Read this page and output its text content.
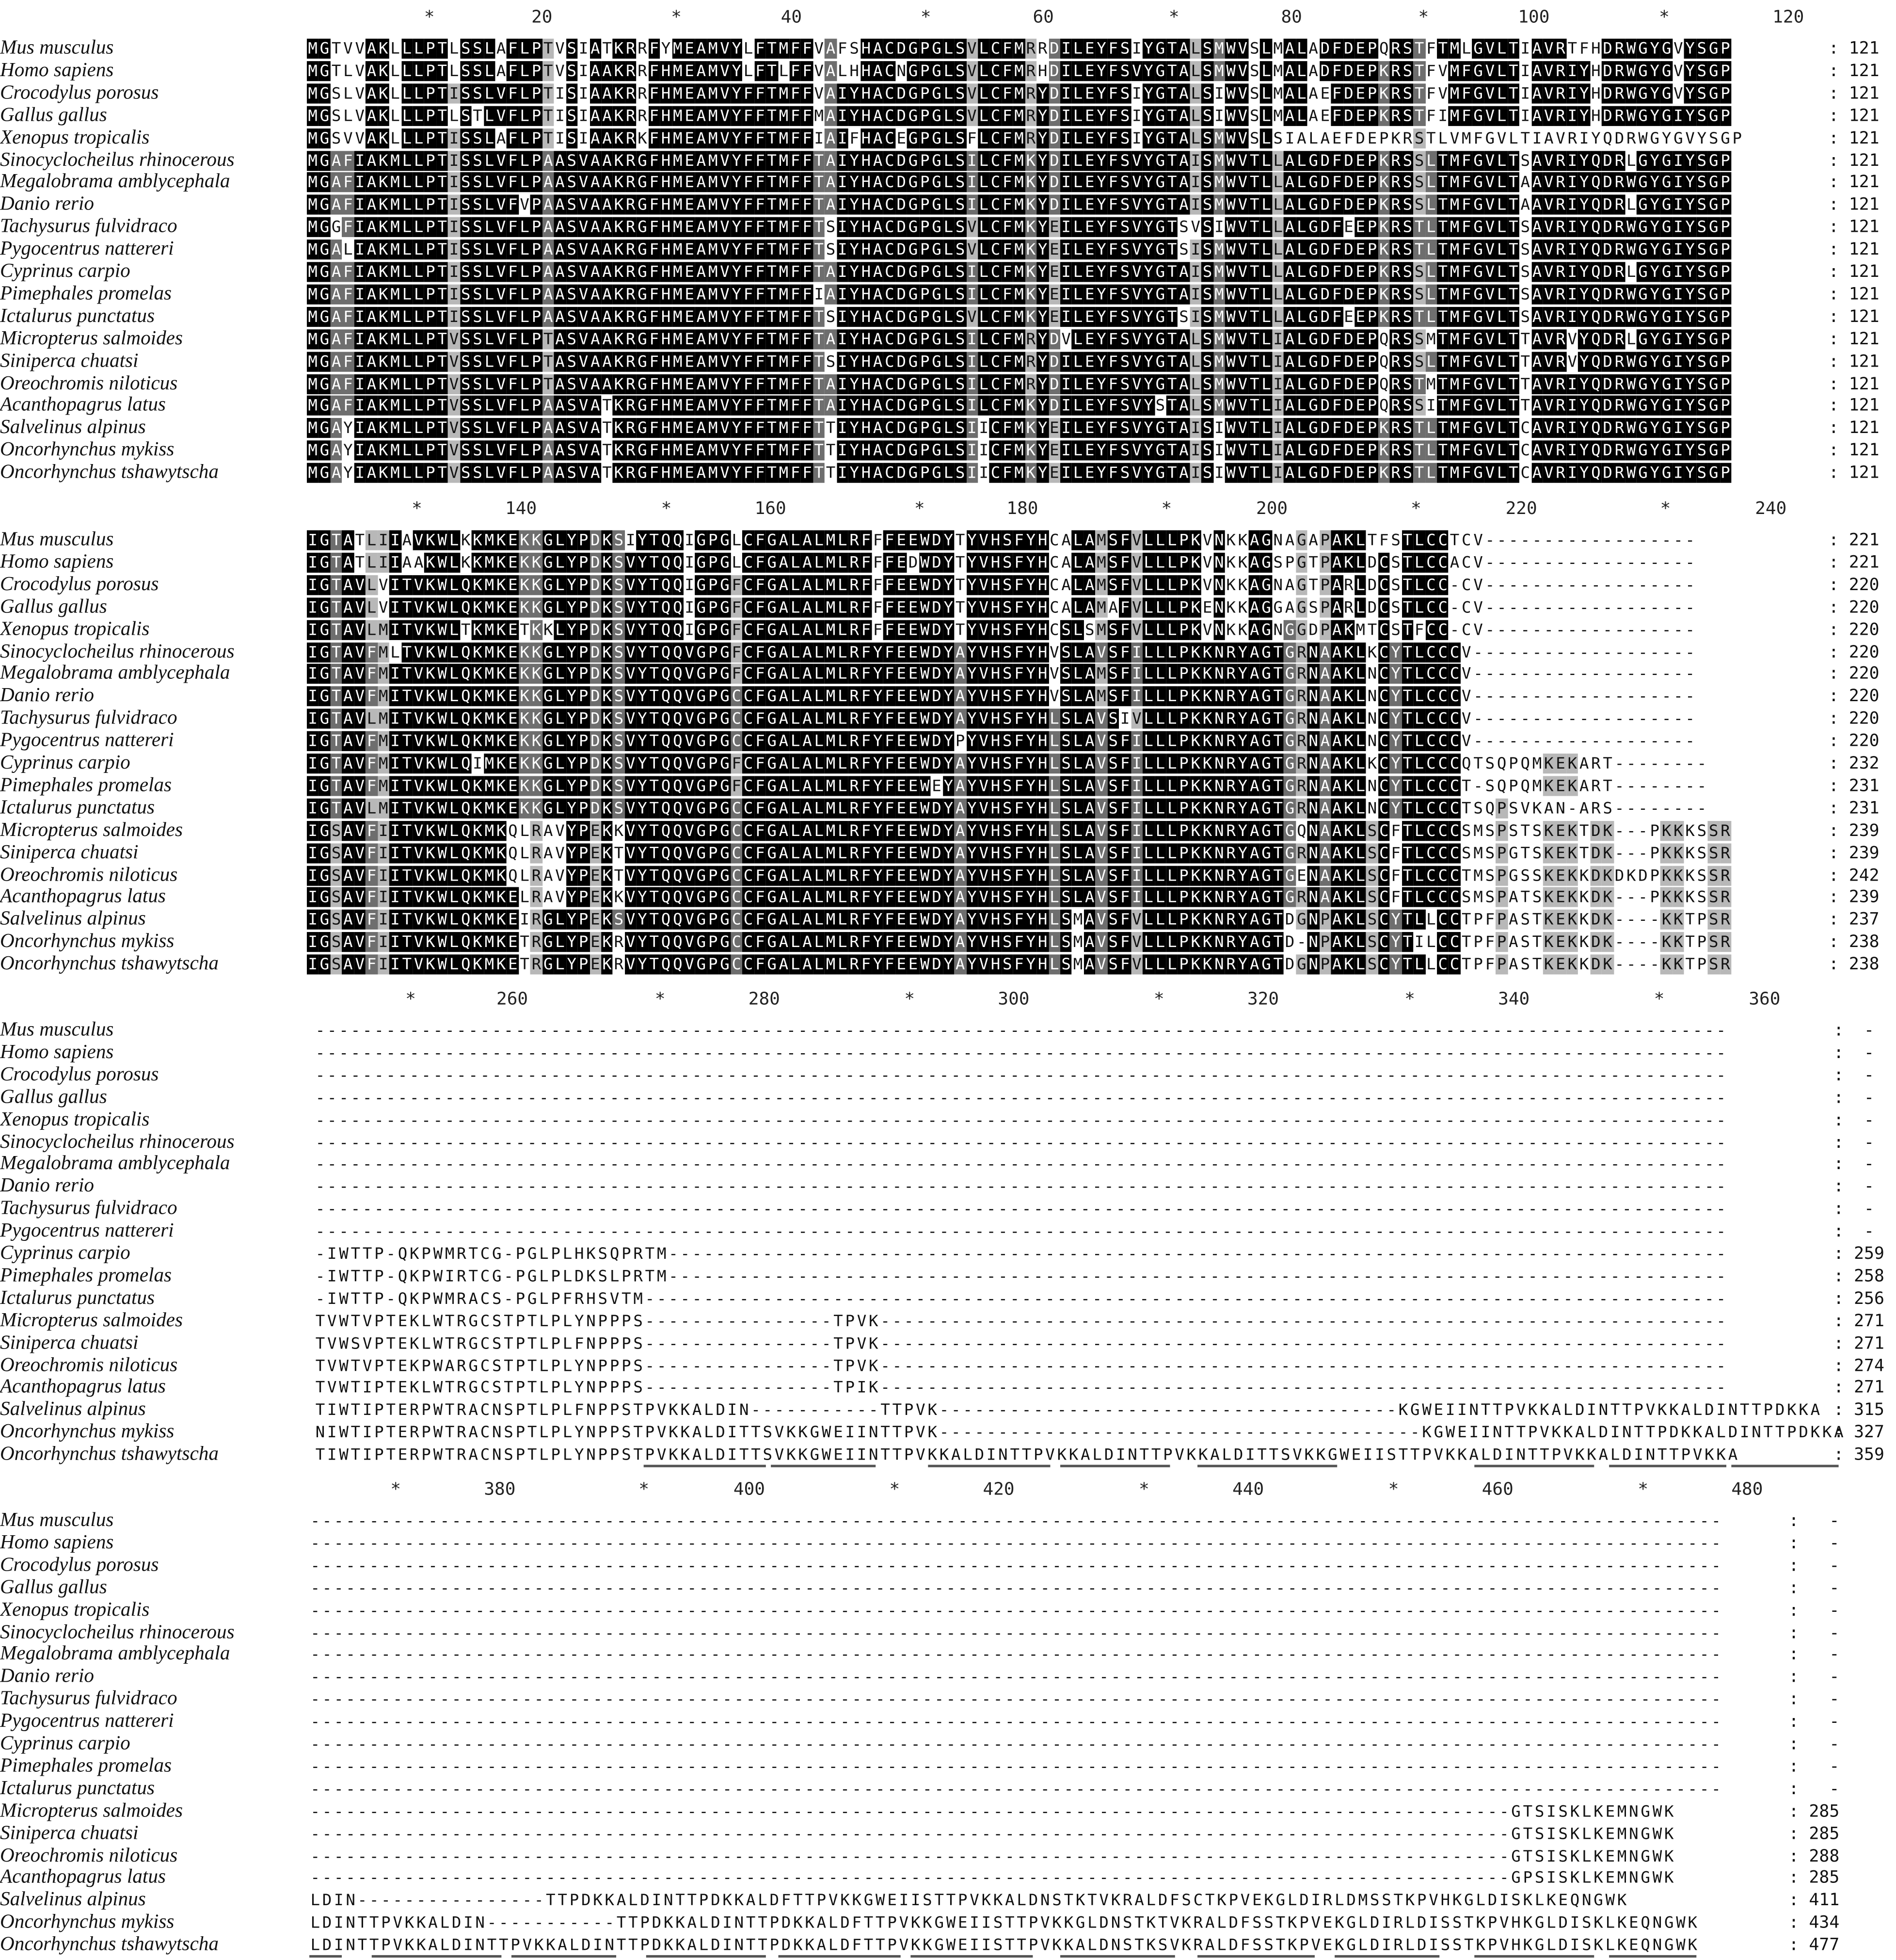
*	20	*	40	*	60	*	80	*	100	*	120
Mus musculus	M G T V V A K L L L P T L S S L A F L P T V S I A T K R R F Y M E A M V Y L F T M F F V A F S H A C D G P G L S V L C F M R R D I L E Y F S I Y G T A L S M W V S L M A L A D F D E P Q R S T F T M L G V L T I A V R T F H D R W G Y G V Y S G P	: 121
Homo sapiens	M G T L V A K L L L P T L S S L A F L P T V S I A A K R R F H M E A M V Y L F T L F F V A L H H A C N G P G L S V L C F M R H D I L E Y F S V Y G T A L S M W V S L M A L A D F D E P K R S T F V M F G V L T I A V R I Y H D R W G Y G V Y S G P	: 121
Crocodylus porosus	M G S L V A K L L L P T I S S L V F L P T I S I A A K R R F H M E A M V Y F F T M F F V A I Y H A C D G P G L S V L C F M R Y D I L E Y F S I Y G T A L S I W V S L M A L A E F D E P K R S T F V M F G V L T I A V R I Y H D R W G Y G V Y S G P	: 121
Gallus gallus	M G S L V A K L L L P T L S T L V F L P T I S I A A K R R F H M E A M V Y F F T M F F M A I Y H A C D G P G L S V L C F M R Y D I L E Y F S I Y G T A L S I W V S L M A L A E F D E P K R S T F I M F G V L T I A V R I Y H D R W G Y G I Y S G P	: 121
Xenopus tropicalis	M G S V V A K L L L P T I S S L A F L P T I S I A A K R K F H M E A M V Y F F T M F F I A I F H A C E G P G L S F L C F M R Y D I L E Y F S I Y G T A L S M W V S L S I A L A E F D E P K R S T L V M F G V L T I A V R I Y Q D R W G Y G V Y S G P	: 121
Sinocyclocheilus rhinocerous	M G A F I A K M L L P T I S S L V F L P A A S V A A K R G F H M E A M V Y F F T M F F T A I Y H A C D G P G L S I L C F M K Y D I L E Y F S V Y G T A I S M W V T L L A L G D F D E P K R S S L T M F G V L T S A V R I Y Q D R L G Y G I Y S G P	: 121
Megalobrama amblycephala	M G A F I A K M L L P T I S S L V F L P A A S V A A K R G F H M E A M V Y F F T M F F T A I Y H A C D G P G L S I L C F M K Y D I L E Y F S V Y G T A I S M W V T L L A L G D F D E P K R S S L T M F G V L T A A V R I Y Q D R W G Y G I Y S G P	: 121
Danio rerio	M G A F I A K M L L P T I S S L V F V P A A S V A A K R G F H M E A M V Y F F T M F F T A I Y H A C D G P G L S I L C F M K Y D I L E Y F S V Y G T A I S M W V T L L A L G D F D E P K R S S L T M F G V L T A A V R I Y Q D R L G Y G I Y S G P	: 121
Tachysurus fulvidraco	M G G F I A K M L L P T I S S L V F L P A A S V A A K R G F H M E A M V Y F F T M F F T S I Y H A C D G P G L S V L C F M K Y E I L E Y F S V Y G T S V S I W V T L L A L G D F E E P K R S T L T M F G V L T S A V R I Y Q D R W G Y G I Y S G P	: 121
Pygocentrus nattereri	M G A L I A K M L L P T I S S L V F L P A A S V A A K R G F H M E A M V Y F F T M F F T S I Y H A C D G P G L S V L C F M K Y E I L E Y F S V Y G T S I S M W V T L L A L G D F D E P K R S T L T M F G V L T S A V R I Y Q D R W G Y G I Y S G P	: 121
Cyprinus carpio	M G A F I A K M L L P T I S S L V F L P A A S V A A K R G F H M E A M V Y F F T M F F T A I Y H A C D G P G L S I L C F M K Y E I L E Y F S V Y G T A I S M W V T L L A L G D F D E P K R S S L T M F G V L T S A V R I Y Q D R L G Y G I Y S G P	: 121
Pimephales promelas	M G A F I A K M L L P T I S S L V F L P A A S V A A K R G F H M E A M V Y F F T M F F I A I Y H A C D G P G L S I L C F M K Y E I L E Y F S V Y G T A I S M W V T L L A L G D F D E P K R S S L T M F G V L T S A V R I Y Q D R W G Y G I Y S G P	: 121
Ictalurus punctatus	M G A F I A K M L L P T I S S L V F L P A A S V A A K R G F H M E A M V Y F F T M F F T S I Y H A C D G P G L S V L C F M K Y E I L E Y F S V Y G T S I S M W V T L L A L G D F E E P K R S T L T M F G V L T S A V R I Y Q D R W G Y G I Y S G P	: 121
Micropterus salmoides	M G A F I A K M L L P T V S S L V F L P T A S V A A K R G F H M E A M V Y F F T M F F T A I Y H A C D G P G L S I L C F M R Y D V L E Y F S V Y G T A L S M W V T L I A L G D F D E P Q R S S M T M F G V L T T A V R V Y Q D R L G Y G I Y S G P	: 121
Siniperca chuatsi	M G A F I A K M L L P T V S S L V F L P T A S V A A K R G F H M E A M V Y F F T M F F T S I Y H A C D G P G L S I L C F M R Y D I L E Y F S V Y G T A L S M W V T L I A L G D F D E P Q R S S L T M F G V L T T A V R V Y Q D R W G Y G I Y S G P	: 121
Oreochromis niloticus	M G A F I A K M L L P T V S S L V F L P T A S V A A K R G F H M E A M V Y F F T M F F T A I Y H A C D G P G L S I L C F M R Y D I L E Y F S V Y G T A L S M W V T L I A L G D F D E P Q R S T M T M F G V L T T A V R I Y Q D R W G Y G I Y S G P	: 121
Acanthopagrus latus	M G A F I A K M L L P T V S S L V F L P A A S V A T K R G F H M E A M V Y F F T M F F T A I Y H A C D G P G L S I L C F M K Y D I L E Y F S V Y S T A L S M W V T L I A L G D F D E P Q R S S I T M F G V L T T A V R I Y Q D R W G Y G I Y S G P	: 121
Salvelinus alpinus	M G A Y I A K M L L P T V S S L V F L P A A S V A T K R G F H M E A M V Y F F T M F F T T I Y H A C D G P G L S I I C F M K Y E I L E Y F S V Y G T A I S I W V T L I A L G D F D E P K R S T L T M F G V L T C A V R I Y Q D R W G Y G I Y S G P	: 121
Oncorhynchus mykiss	M G A Y I A K M L L P T V S S L V F L P A A S V A T K R G F H M E A M V Y F F T M F F T T I Y H A C D G P G L S I I C F M K Y E I L E Y F S V Y G T A I S I W V T L I A L G D F D E P K R S T L T M F G V L T C A V R I Y Q D R W G Y G I Y S G P	: 121
Oncorhynchus tshawytscha	M G A Y I A K M L L P T V S S L V F L P A A S V A T K R G F H M E A M V Y F F T M F F T T I Y H A C D G P G L S I I C F M K Y E I L E Y F S V Y G T A I S I W V T L I A L G D F D E P K R S T L T M F G V L T C A V R I Y Q D R W G Y G I Y S G P	: 121
*	140	*	160	*	180	*	200	*	220	*	240
Mus musculus	I G T A T L I I A V K W L K K M K E K K G L Y P D K S I Y T Q Q I G P G L C F G A L A L M L R F F F E E W D Y T Y V H S F Y H C A L A M S F V L L L P K V N K K A G N A G A P A K L T F S T L C C T C V - - - - - - - - - - - - - - - - - -	: 221
Homo sapiens	I G T A T L I I A A K W L K K M K E K K G L Y P D K S V Y T Q Q I G P G L C F G A L A L M L R F F F E D W D Y T Y V H S F Y H C A L A M S F V L L L P K V N K K A G S P G T P A K L D C S T L C C A C V - - - - - - - - - - - - - - - - - -	: 221
Crocodylus porosus	I G T A V L V I T V K W L Q K M K E K K G L Y P D K S V Y T Q Q I G P G F C F G A L A L M L R F F F E E W D Y T Y V H S F Y H C A L A M S F V L L L P K V N K K A G N A G T P A R L D C S T L C C - C V - - - - - - - - - - - - - - - - - -	: 220
Gallus gallus	I G T A V L V I T V K W L Q K M K E K K G L Y P D K S V Y T Q Q I G P G F C F G A L A L M L R F F F E E W D Y T Y V H S F Y H C A L A M A F V L L L P K E N K K A G G A G S P A R L D C S T L C C - C V - - - - - - - - - - - - - - - - - -	: 220
Xenopus tropicalis	I G T A V L M I T V K W L T K M K E T K K L Y P D K S V Y T Q Q I G P G F C F G A L A L M L R F F F E E W D Y T Y V H S F Y H C S L S M S F V L L L P K V N K K A G N G G D P A K M T C S T F C C - C V - - - - - - - - - - - - - - - - - -	: 220
Sinocyclocheilus rhinocerous	I G T A V F M L T V K W L Q K M K E K K G L Y P D K S V Y T Q Q V G P G F C F G A L A L M L R F Y F E E W D Y A Y V H S F Y H V S L A V S F I L L L P K K N R Y A G T G R N A A K L K C Y T L C C C V - - - - - - - - - - - - - - - - - - -	: 220
Megalobrama amblycephala	I G T A V F M I T V K W L Q K M K E K K G L Y P D K S V Y T Q Q V G P G F C F G A L A L M L R F Y F E E W D Y A Y V H S F Y H V S L A M S F I L L L P K K N R Y A G T G R N A A K L N C Y T L C C C V - - - - - - - - - - - - - - - - - - -	: 220
Danio rerio	I G T A V F M I T V K W L Q K M K E K K G L Y P D K S V Y T Q Q V G P G C C F G A L A L M L R F Y F E E W D Y A Y V H S F Y H V S L A M S F I L L L P K K N R Y A G T G R N A A K L N C Y T L C C C V - - - - - - - - - - - - - - - - - - -	: 220
Tachysurus fulvidraco	I G T A V L M I T V K W L Q K M K E K K G L Y P D K S V Y T Q Q V G P G C C F G A L A L M L R F Y F E E W D Y A Y V H S F Y H L S L A V S I V L L L P K K N R Y A G T G R N A A K L N C Y T L C C C V - - - - - - - - - - - - - - - - - - -	: 220
Pygocentrus nattereri	I G T A V F M I T V K W L Q K M K E K K G L Y P D K S V Y T Q Q V G P G C C F G A L A L M L R F Y F E E W D Y P Y V H S F Y H L S L A V S F I L L L P K K N R Y A G T G R N A A K L N C Y T L C C C V - - - - - - - - - - - - - - - - - - -	: 220
Cyprinus carpio	I G T A V F M I T V K W L Q I M K E K K G L Y P D K S V Y T Q Q V G P G F C F G A L A L M L R F Y F E E W D Y A Y V H S F Y H L S L A V S F I L L L P K K N R Y A G T G R N A A K L K C Y T L C C C Q T S Q P Q M K E K A R T - - - - - - - -	: 232
Pimephales promelas	I G T A V F M I T V K W L Q K M K E K K G L Y P D K S V Y T Q Q V G P G F C F G A L A L M L R F Y F E E W E Y A Y V H S F Y H L S L A V S F I L L L P K K N R Y A G T G R N A A K L N C Y T L C C C T - S Q P Q M K E K A R T - - - - - - - -	: 231
Ictalurus punctatus	I G T A V L M I T V K W L Q K M K E K K G L Y P D K S V Y T Q Q V G P G C C F G A L A L M L R F Y F E E W D Y A Y V H S F Y H L S L A V S F I L L L P K K N R Y A G T G R N A A K L N C Y T L C C C T S Q P S V K A N - A R S - - - - - - - -	: 231
Micropterus salmoides	I G S A V F I I T V K W L Q K M K Q L R A V Y P E K K V Y T Q Q V G P G C C F G A L A L M L R F Y F E E W D Y A Y V H S F Y H L S L A V S F I L L L P K K N R Y A G T G Q N A A K L S C F T L C C C S M S P S T S K E K T D K - - - P K K K S S R	: 239
Siniperca chuatsi	I G S A V F I I T V K W L Q K M K Q L R A V Y P E K T V Y T Q Q V G P G C C F G A L A L M L R F Y F E E W D Y A Y V H S F Y H L S L A V S F I L L L P K K N R Y A G T G R N A A K L S C F T L C C C S M S P G T S K E K T D K - - - P K K K S S R	: 239
Oreochromis niloticus	I G S A V F I I T V K W L Q K M K Q L R A V Y P E K T V Y T Q Q V G P G C C F G A L A L M L R F Y F E E W D Y A Y V H S F Y H L S L A V S F I L L L P K K N R Y A G T G E N A A K L S C F T L C C C T M S P G S S K E K K D K D K D P K K K S S R	: 242
Acanthopagrus latus	I G S A V F I I T V K W L Q K M K E L R A V Y P E K K V Y T Q Q V G P G C C F G A L A L M L R F Y F E E W D Y A Y V H S F Y H L S L A V S F I L L L P K K N R Y A G T G R N A A K L S C F T L C C C S M S P A T S K E K K D K - - - P K K K S S R	: 239
Salvelinus alpinus	I G S A V F I I T V K W L Q K M K E I R G L Y P E K S V Y T Q Q V G P G C C F G A L A L M L R F Y F E E W D Y A Y V H S F Y H L S M A V S F V L L L P K K N R Y A G T D G N P A K L S C Y T L L C C T P F P A S T K E K K D K - - - - K K T P S R	: 237
Oncorhynchus mykiss	I G S A V F I I T V K W L Q K M K E T R G L Y P E K R V Y T Q Q V G P G C C F G A L A L M L R F Y F E E W D Y A Y V H S F Y H L S M A V S F V L L L P K K N R Y A G T D - N P A K L S C Y T I L C C T P F P A S T K E K K D K - - - - K K T P S R	: 238
Oncorhynchus tshawytscha	I G S A V F I I T V K W L Q K M K E T R G L Y P E K R V Y T Q Q V G P G C C F G A L A L M L R F Y F E E W D Y A Y V H S F Y H L S M A V S F V L L L P K K N R Y A G T D G N P A K L S C Y T L L C C T P F P A S T K E K K D K - - - - K K T P S R	: 238
*	260	*	280	*	300	*	320	*	340	*	360
Mus musculus	- - - - - - - - - - - - - - - - - - - - - - - - - - - - - - - - - - - - - - - - - - - - - - - - - - - - - - - - - - - - - - - - - - - - - - - - - - - - - - - - - - - - - - - - - - - - - - - - - - - - - - - - - - - - - - - - - - - - - - - -	:  -
Homo sapiens	- - - - - - - - - - - - - - - - - - - - - - - - - - - - - - - - - - - - - - - - - - - - - - - - - - - - - - - - - - - - - - - - - - - - - - - - - - - - - - - - - - - - - - - - - - - - - - - - - - - - - - - - - - - - - - - - - - - - - - - -	:  -
Crocodylus porosus	- - - - - - - - - - - - - - - - - - - - - - - - - - - - - - - - - - - - - - - - - - - - - - - - - - - - - - - - - - - - - - - - - - - - - - - - - - - - - - - - - - - - - - - - - - - - - - - - - - - - - - - - - - - - - - - - - - - - - - - -	:  -
Gallus gallus	- - - - - - - - - - - - - - - - - - - - - - - - - - - - - - - - - - - - - - - - - - - - - - - - - - - - - - - - - - - - - - - - - - - - - - - - - - - - - - - - - - - - - - - - - - - - - - - - - - - - - - - - - - - - - - - - - - - - - - - -	:  -
Xenopus tropicalis	- - - - - - - - - - - - - - - - - - - - - - - - - - - - - - - - - - - - - - - - - - - - - - - - - - - - - - - - - - - - - - - - - - - - - - - - - - - - - - - - - - - - - - - - - - - - - - - - - - - - - - - - - - - - - - - - - - - - - - - -	:  -
Sinocyclocheilus rhinocerous	- - - - - - - - - - - - - - - - - - - - - - - - - - - - - - - - - - - - - - - - - - - - - - - - - - - - - - - - - - - - - - - - - - - - - - - - - - - - - - - - - - - - - - - - - - - - - - - - - - - - - - - - - - - - - - - - - - - - - - - -	:  -
Megalobrama amblycephala	- - - - - - - - - - - - - - - - - - - - - - - - - - - - - - - - - - - - - - - - - - - - - - - - - - - - - - - - - - - - - - - - - - - - - - - - - - - - - - - - - - - - - - - - - - - - - - - - - - - - - - - - - - - - - - - - - - - - - - - -	:  -
Danio rerio	- - - - - - - - - - - - - - - - - - - - - - - - - - - - - - - - - - - - - - - - - - - - - - - - - - - - - - - - - - - - - - - - - - - - - - - - - - - - - - - - - - - - - - - - - - - - - - - - - - - - - - - - - - - - - - - - - - - - - - - -	:  -
Tachysurus fulvidraco	- - - - - - - - - - - - - - - - - - - - - - - - - - - - - - - - - - - - - - - - - - - - - - - - - - - - - - - - - - - - - - - - - - - - - - - - - - - - - - - - - - - - - - - - - - - - - - - - - - - - - - - - - - - - - - - - - - - - - - - -	:  -
Pygocentrus nattereri	- - - - - - - - - - - - - - - - - - - - - - - - - - - - - - - - - - - - - - - - - - - - - - - - - - - - - - - - - - - - - - - - - - - - - - - - - - - - - - - - - - - - - - - - - - - - - - - - - - - - - - - - - - - - - - - - - - - - - - - -	:  -
Cyprinus carpio	- I W T T P - Q K P W M R T C G - P G L P L H K S Q P R T M - - - - - - - - - - - - - - - - - - - - - - - - - - - - - - - - - - - - - - - - - - - - - - - - - - - - - - - - - - - - - - - - - - - - - - - - - - - - - - - - - - - - - - - - - -	: 259
Pimephales promelas	- I W T T P - Q K P W I R T C G - P G L P L D K S L P R T M - - - - - - - - - - - - - - - - - - - - - - - - - - - - - - - - - - - - - - - - - - - - - - - - - - - - - - - - - - - - - - - - - - - - - - - - - - - - - - - - - - - - - - - - - -	: 258
Ictalurus punctatus	- I W T T P - Q K P W M R A C S - P G L P F R H S V T M - - - - - - - - - - - - - - - - - - - - - - - - - - - - - - - - - - - - - - - - - - - - - - - - - - - - - - - - - - - - - - - - - - - - - - - - - - - - - - - - - - - - - - - - - - - -	: 256
Micropterus salmoides	T V W T V P T E K L W T R G C S T P T L P L Y N P P P S - - - - - - - - - - - - - - - - T P V K - - - - - - - - - - - - - - - - - - - - - - - - - - - - - - - - - - - - - - - - - - - - - - - - - - - - - - - - - - - - - - - - - - - - - - - -	: 271
Siniperca chuatsi	T V W S V P T E K L W T R G C S T P T L P L F N P P P S - - - - - - - - - - - - - - - - T P V K - - - - - - - - - - - - - - - - - - - - - - - - - - - - - - - - - - - - - - - - - - - - - - - - - - - - - - - - - - - - - - - - - - - - - - - -	: 271
Oreochromis niloticus	T V W T V P T E K P W A R G C S T P T L P L Y N P P P S - - - - - - - - - - - - - - - - T P V K - - - - - - - - - - - - - - - - - - - - - - - - - - - - - - - - - - - - - - - - - - - - - - - - - - - - - - - - - - - - - - - - - - - - - - - -	: 274
Acanthopagrus latus	T V W T I P T E K L W T R G C S T P T L P L Y N P P P S - - - - - - - - - - - - - - - - T P I K - - - - - - - - - - - - - - - - - - - - - - - - - - - - - - - - - - - - - - - - - - - - - - - - - - - - - - - - - - - - - - - - - - - - - - - -	: 271
Salvelinus alpinus	T I W T I P T E R P W T R A C N S P T L P L F N P P S T P V K K A L D I N - - - - - - - - - - - T T P V K - - - - - - - - - - - - - - - - - - - - - - - - - - - - - - - - - - - - - - - K G W E I I N T T P V K K A L D I N T T P V K K A L D I N T T P D K K A : 315
Oncorhynchus mykiss	N I W T I P T E R P W T R A C N S P T L P L Y N P P S T P V K K A L D I T T S V K K G W E I I N T T P V K - - - - - - - - - - - - - - - - - - - - - - - - - - - - - - - - - - - - - - - - - K G W E I I N T T P V K K A L D I N T T P D K K A L D I N T T P D K K A
: 327
Oncorhynchus tshawytscha	T I W T I P T E R P W T R A C N S P T L P L Y N P P S T P V K K A L D I T T S V K K G W E I I N T T P V K K A L D I N T T P V K K A L D I N T T P V K K A L D I T T S V K K G W E I I S T T P V K K A L D I N T T P V K K A L D I N T T P V K K A	: 359
*	380	*	400	*	420	*	440	*	460	*	480
Mus musculus	- - - - - - - - - - - - - - - - - - - - - - - - - - - - - - - - - - - - - - - - - - - - - - - - - - - - - - - - - - - - - - - - - - - - - - - - - - - - - - - - - - - - - - - - - - - - - - - - - - - - - - - - - - - - - - - - - - - - - - - -	:   -
Homo sapiens	- - - - - - - - - - - - - - - - - - - - - - - - - - - - - - - - - - - - - - - - - - - - - - - - - - - - - - - - - - - - - - - - - - - - - - - - - - - - - - - - - - - - - - - - - - - - - - - - - - - - - - - - - - - - - - - - - - - - - - - -	:   -
Crocodylus porosus	- - - - - - - - - - - - - - - - - - - - - - - - - - - - - - - - - - - - - - - - - - - - - - - - - - - - - - - - - - - - - - - - - - - - - - - - - - - - - - - - - - - - - - - - - - - - - - - - - - - - - - - - - - - - - - - - - - - - - - - -	:   -
Gallus gallus	- - - - - - - - - - - - - - - - - - - - - - - - - - - - - - - - - - - - - - - - - - - - - - - - - - - - - - - - - - - - - - - - - - - - - - - - - - - - - - - - - - - - - - - - - - - - - - - - - - - - - - - - - - - - - - - - - - - - - - - -	:   -
Xenopus tropicalis	- - - - - - - - - - - - - - - - - - - - - - - - - - - - - - - - - - - - - - - - - - - - - - - - - - - - - - - - - - - - - - - - - - - - - - - - - - - - - - - - - - - - - - - - - - - - - - - - - - - - - - - - - - - - - - - - - - - - - - - -	:   -
Sinocyclocheilus rhinocerous	- - - - - - - - - - - - - - - - - - - - - - - - - - - - - - - - - - - - - - - - - - - - - - - - - - - - - - - - - - - - - - - - - - - - - - - - - - - - - - - - - - - - - - - - - - - - - - - - - - - - - - - - - - - - - - - - - - - - - - - -	:   -
Megalobrama amblycephala	- - - - - - - - - - - - - - - - - - - - - - - - - - - - - - - - - - - - - - - - - - - - - - - - - - - - - - - - - - - - - - - - - - - - - - - - - - - - - - - - - - - - - - - - - - - - - - - - - - - - - - - - - - - - - - - - - - - - - - - -	:   -
Danio rerio	- - - - - - - - - - - - - - - - - - - - - - - - - - - - - - - - - - - - - - - - - - - - - - - - - - - - - - - - - - - - - - - - - - - - - - - - - - - - - - - - - - - - - - - - - - - - - - - - - - - - - - - - - - - - - - - - - - - - - - - -	:   -
Tachysurus fulvidraco	- - - - - - - - - - - - - - - - - - - - - - - - - - - - - - - - - - - - - - - - - - - - - - - - - - - - - - - - - - - - - - - - - - - - - - - - - - - - - - - - - - - - - - - - - - - - - - - - - - - - - - - - - - - - - - - - - - - - - - - -	:   -
Pygocentrus nattereri	- - - - - - - - - - - - - - - - - - - - - - - - - - - - - - - - - - - - - - - - - - - - - - - - - - - - - - - - - - - - - - - - - - - - - - - - - - - - - - - - - - - - - - - - - - - - - - - - - - - - - - - - - - - - - - - - - - - - - - - -	:   -
Cyprinus carpio	- - - - - - - - - - - - - - - - - - - - - - - - - - - - - - - - - - - - - - - - - - - - - - - - - - - - - - - - - - - - - - - - - - - - - - - - - - - - - - - - - - - - - - - - - - - - - - - - - - - - - - - - - - - - - - - - - - - - - - - -	:   -
Pimephales promelas	- - - - - - - - - - - - - - - - - - - - - - - - - - - - - - - - - - - - - - - - - - - - - - - - - - - - - - - - - - - - - - - - - - - - - - - - - - - - - - - - - - - - - - - - - - - - - - - - - - - - - - - - - - - - - - - - - - - - - - - -	:   -
Ictalurus punctatus	- - - - - - - - - - - - - - - - - - - - - - - - - - - - - - - - - - - - - - - - - - - - - - - - - - - - - - - - - - - - - - - - - - - - - - - - - - - - - - - - - - - - - - - - - - - - - - - - - - - - - - - - - - - - - - - - - - - - - - - -	:   -
Micropterus salmoides	- - - - - - - - - - - - - - - - - - - - - - - - - - - - - - - - - - - - - - - - - - - - - - - - - - - - - - - - - - - - - - - - - - - - - - - - - - - - - - - - - - - - - - - - - - - - - - - - - - - - - - G T S I S K L K E M N G W K	: 285
Siniperca chuatsi	- - - - - - - - - - - - - - - - - - - - - - - - - - - - - - - - - - - - - - - - - - - - - - - - - - - - - - - - - - - - - - - - - - - - - - - - - - - - - - - - - - - - - - - - - - - - - - - - - - - - - - G T S I S K L K E M N G W K	: 285
Oreochromis niloticus	- - - - - - - - - - - - - - - - - - - - - - - - - - - - - - - - - - - - - - - - - - - - - - - - - - - - - - - - - - - - - - - - - - - - - - - - - - - - - - - - - - - - - - - - - - - - - - - - - - - - - - G T S I S K L K E M N G W K	: 288
Acanthopagrus latus	- - - - - - - - - - - - - - - - - - - - - - - - - - - - - - - - - - - - - - - - - - - - - - - - - - - - - - - - - - - - - - - - - - - - - - - - - - - - - - - - - - - - - - - - - - - - - - - - - - - - - - G P S I S K L K E M N G W K	: 285
Salvelinus alpinus	L D I N - - - - - - - - - - - - - - - - T T P D K K A L D I N T T P D K K A L D F T T P V K K G W E I I S T T P V K K A L D N S T K T V K R A L D F S C T K P V E K G L D I R L D M S S T K P V H K G L D I S K L K E Q N G W K	: 411
Oncorhynchus mykiss	L D I N T T P V K K A L D I N - - - - - - - - - - - T T P D K K A L D I N T T P D K K A L D F T T P V K K G W E I I S T T P V K K G L D N S T K T V K R A L D F S S T K P V E K G L D I R L D I S S T K P V H K G L D I S K L K E Q N G W K	: 434
Oncorhynchus tshawytscha	L D I N T T P V K K A L D I N T T P V K K A L D I N T T P D K K A L D I N T T P D K K A L D F T T P V K K G W E I I S T T P V K K A L D N S T K S V K R A L D F S S T K P V E K G L D I R L D I S S T K P V H K G L D I S K L K E Q N G W K	: 477
